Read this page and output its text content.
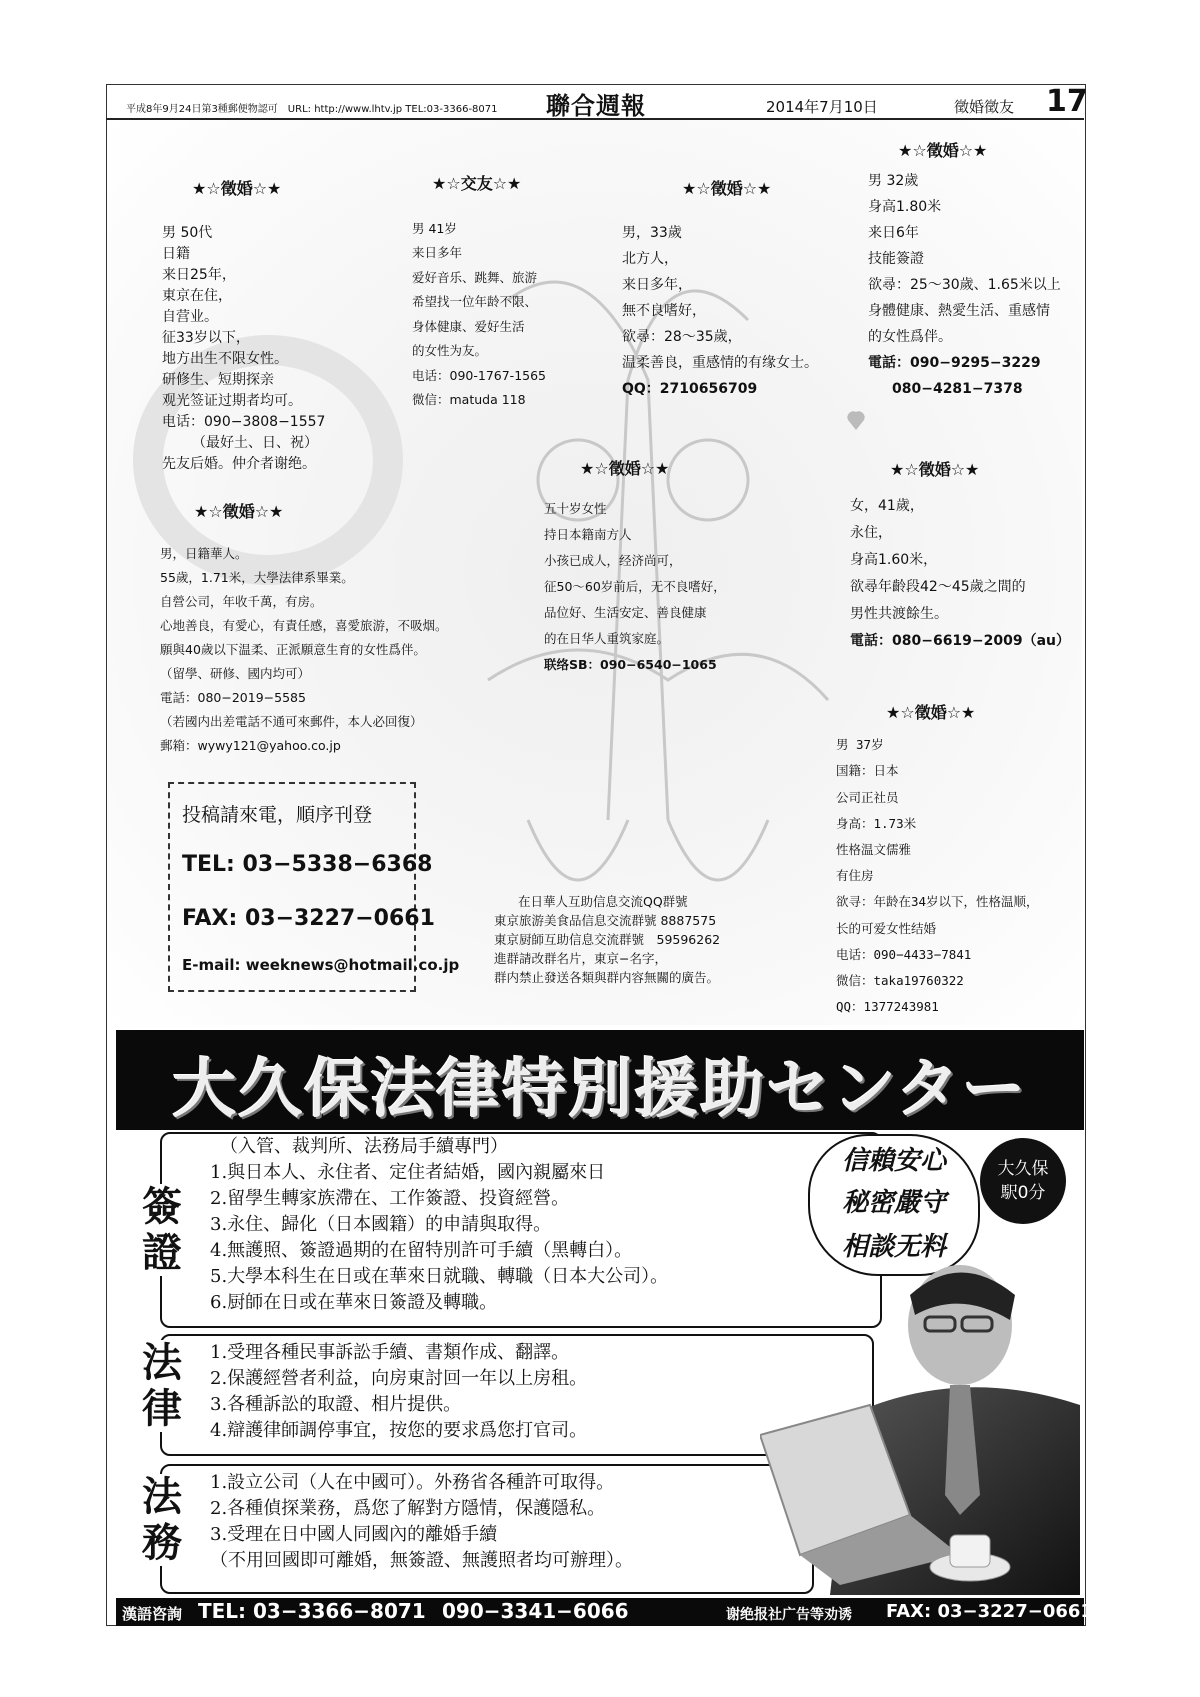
平成8年9月24日第3種郵便物認可　URL: http://www.lhtv.jp TEL:03-3366-8071 聯合週報	2014年7月10日	徵婚徵友 17
★☆徵婚☆★
男 50代
日籍
来日25年，
東京在住，
自营业。
征33岁以下，
地方出生不限女性。
研修生、短期探亲
观光签证过期者均可。
电话：090−3808−1557
（最好土、日、祝）
先友后婚。仲介者谢绝。
★☆交友☆★
男 41岁
来日多年
爱好音乐、跳舞、旅游
希望找一位年龄不限、
身体健康、爱好生活
的女性为友。
电话：090-1767-1565
微信：matuda 118
★☆徵婚☆★
男，33歲
北方人，
来日多年，
無不良嗜好，
欲尋：28～35歲，
温柔善良，重感情的有缘女士。
QQ：2710656709
★☆徵婚☆★
男 32歲
身高1.80米
来日6年
技能簽證
欲尋：25～30歲、1.65米以上
身體健康、熱愛生活、重感情
的女性爲伴。
電話：090−9295−3229
080−4281−7378
★☆徵婚☆★
男，日籍華人。
55歲，1.71米，大學法律系畢業。
自營公司，年收千萬，有房。
心地善良，有愛心，有責任感，喜愛旅游，不吸烟。
願與40歲以下温柔、正派願意生育的女性爲伴。
（留學、研修、國内均可）
電話：080−2019−5585
（若國内出差電話不通可來郵件，本人必回復）
郵箱：wywy121@yahoo.co.jp
★☆徵婚☆★
五十岁女性
持日本籍南方人
小孩已成人，经济尚可，
征50〜60岁前后，无不良嗜好，
品位好、生活安定、善良健康
的在日华人重筑家庭。
联络SB：090−6540−1065
★☆徵婚☆★
女，41歲，
永住，
身高1.60米，
欲尋年齡段42～45歲之間的
男性共渡餘生。
電話：080−6619−2009（au）
★☆徵婚☆★
男 37岁
国籍：日本
公司正社员
身高：1.73米
性格温文儒雅
有住房
欲寻：年龄在34岁以下，性格温顺，
长的可爱女性结婚
电话：090−4433−7841
微信：taka19760322
QQ：1377243981
投稿請來電，順序刊登
TEL: 03−5338−6368
FAX: 03−3227−0661
E-mail: weeknews@hotmail.co.jp
在日華人互助信息交流QQ群號
東京旅游美食品信息交流群號 8887575
東京厨師互助信息交流群號　59596262
進群請改群名片，東京−名字，
群内禁止發送各類與群内容無關的廣告。
大久保法律特別援助センター
簽
證
（入管、裁判所、法務局手續專門）
1.與日本人、永住者、定住者結婚，國內親屬來日
2.留學生轉家族滯在、工作簽證、投資經營。
3.永住、歸化（日本國籍）的申請與取得。
4.無護照、簽證過期的在留特別許可手續（黑轉白）。
5.大學本科生在日或在華來日就職、轉職（日本大公司）。
6.厨師在日或在華來日簽證及轉職。
法
律
1.受理各種民事訴訟手續、書類作成、翻譯。
2.保護經營者利益，向房東討回一年以上房租。
3.各種訴訟的取證、相片提供。
4.辯護律師調停事宜，按您的要求爲您打官司。
法
務
1.設立公司（人在中國可）。外務省各種許可取得。
2.各種偵探業務，爲您了解對方隱情，保護隱私。
3.受理在日中國人同國內的離婚手續
（不用回國即可離婚，無簽證、無護照者均可辦理）。
信賴安心
秘密嚴守
相談无料
大久保
駅0分
漢語咨詢 TEL: 03−3366−8071 090−3341−6066	谢绝报社广告等劝诱 FAX: 03−3227−0661
